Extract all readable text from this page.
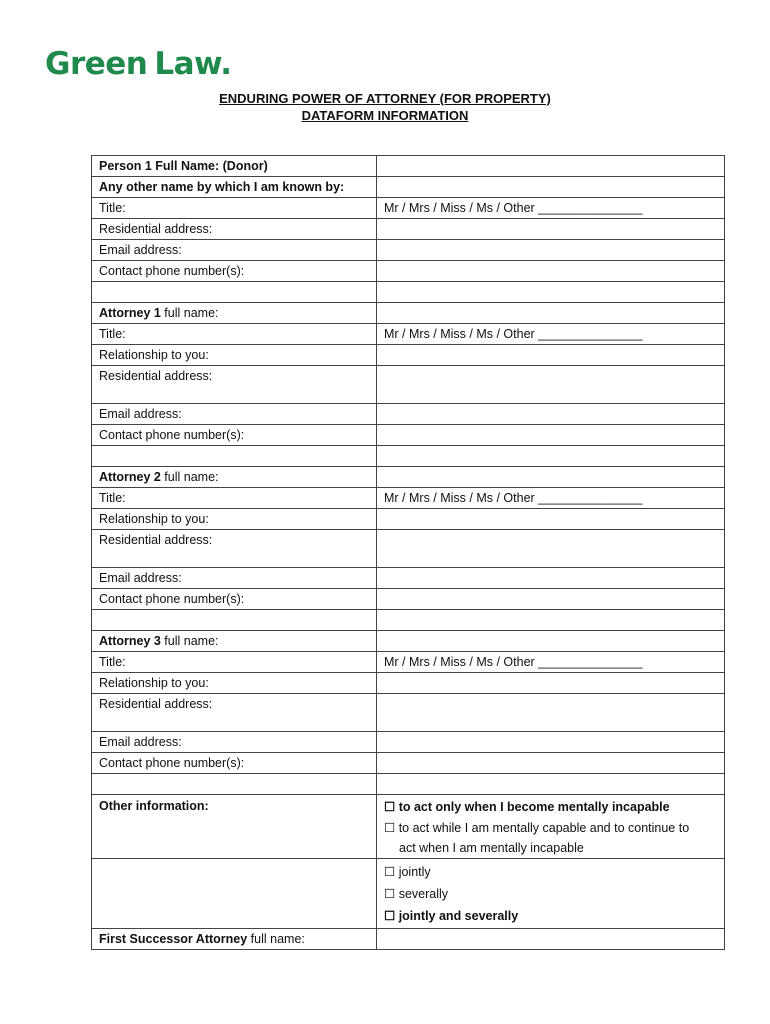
Green Law.
ENDURING POWER OF ATTORNEY (FOR PROPERTY)
DATAFORM INFORMATION
Person 1 Full Name: (Donor)	
Any other name by which I am known by:	
Title:	Mr / Mrs / Miss / Ms / Other _______________
Residential address:	
Email address:	
Contact phone number(s):	

Attorney 1 full name:	
Title:	Mr / Mrs / Miss / Ms / Other _______________
Relationship to you:	
Residential address:	
Email address:	
Contact phone number(s):	

Attorney 2 full name:	
Title:	Mr / Mrs / Miss / Ms / Other _______________
Relationship to you:	
Residential address:	
Email address:	
Contact phone number(s):	

Attorney 3 full name:	
Title:	Mr / Mrs / Miss / Ms / Other _______________
Relationship to you:	
Residential address:	
Email address:	
Contact phone number(s):	

Other information:	☐ to act only when I become mentally incapable
☐ to act while I am mentally capable and to continue to
act when I am mentally incapable

	☐ jointly
☐ severally
☐ jointly and severally

First Successor Attorney full name:	
